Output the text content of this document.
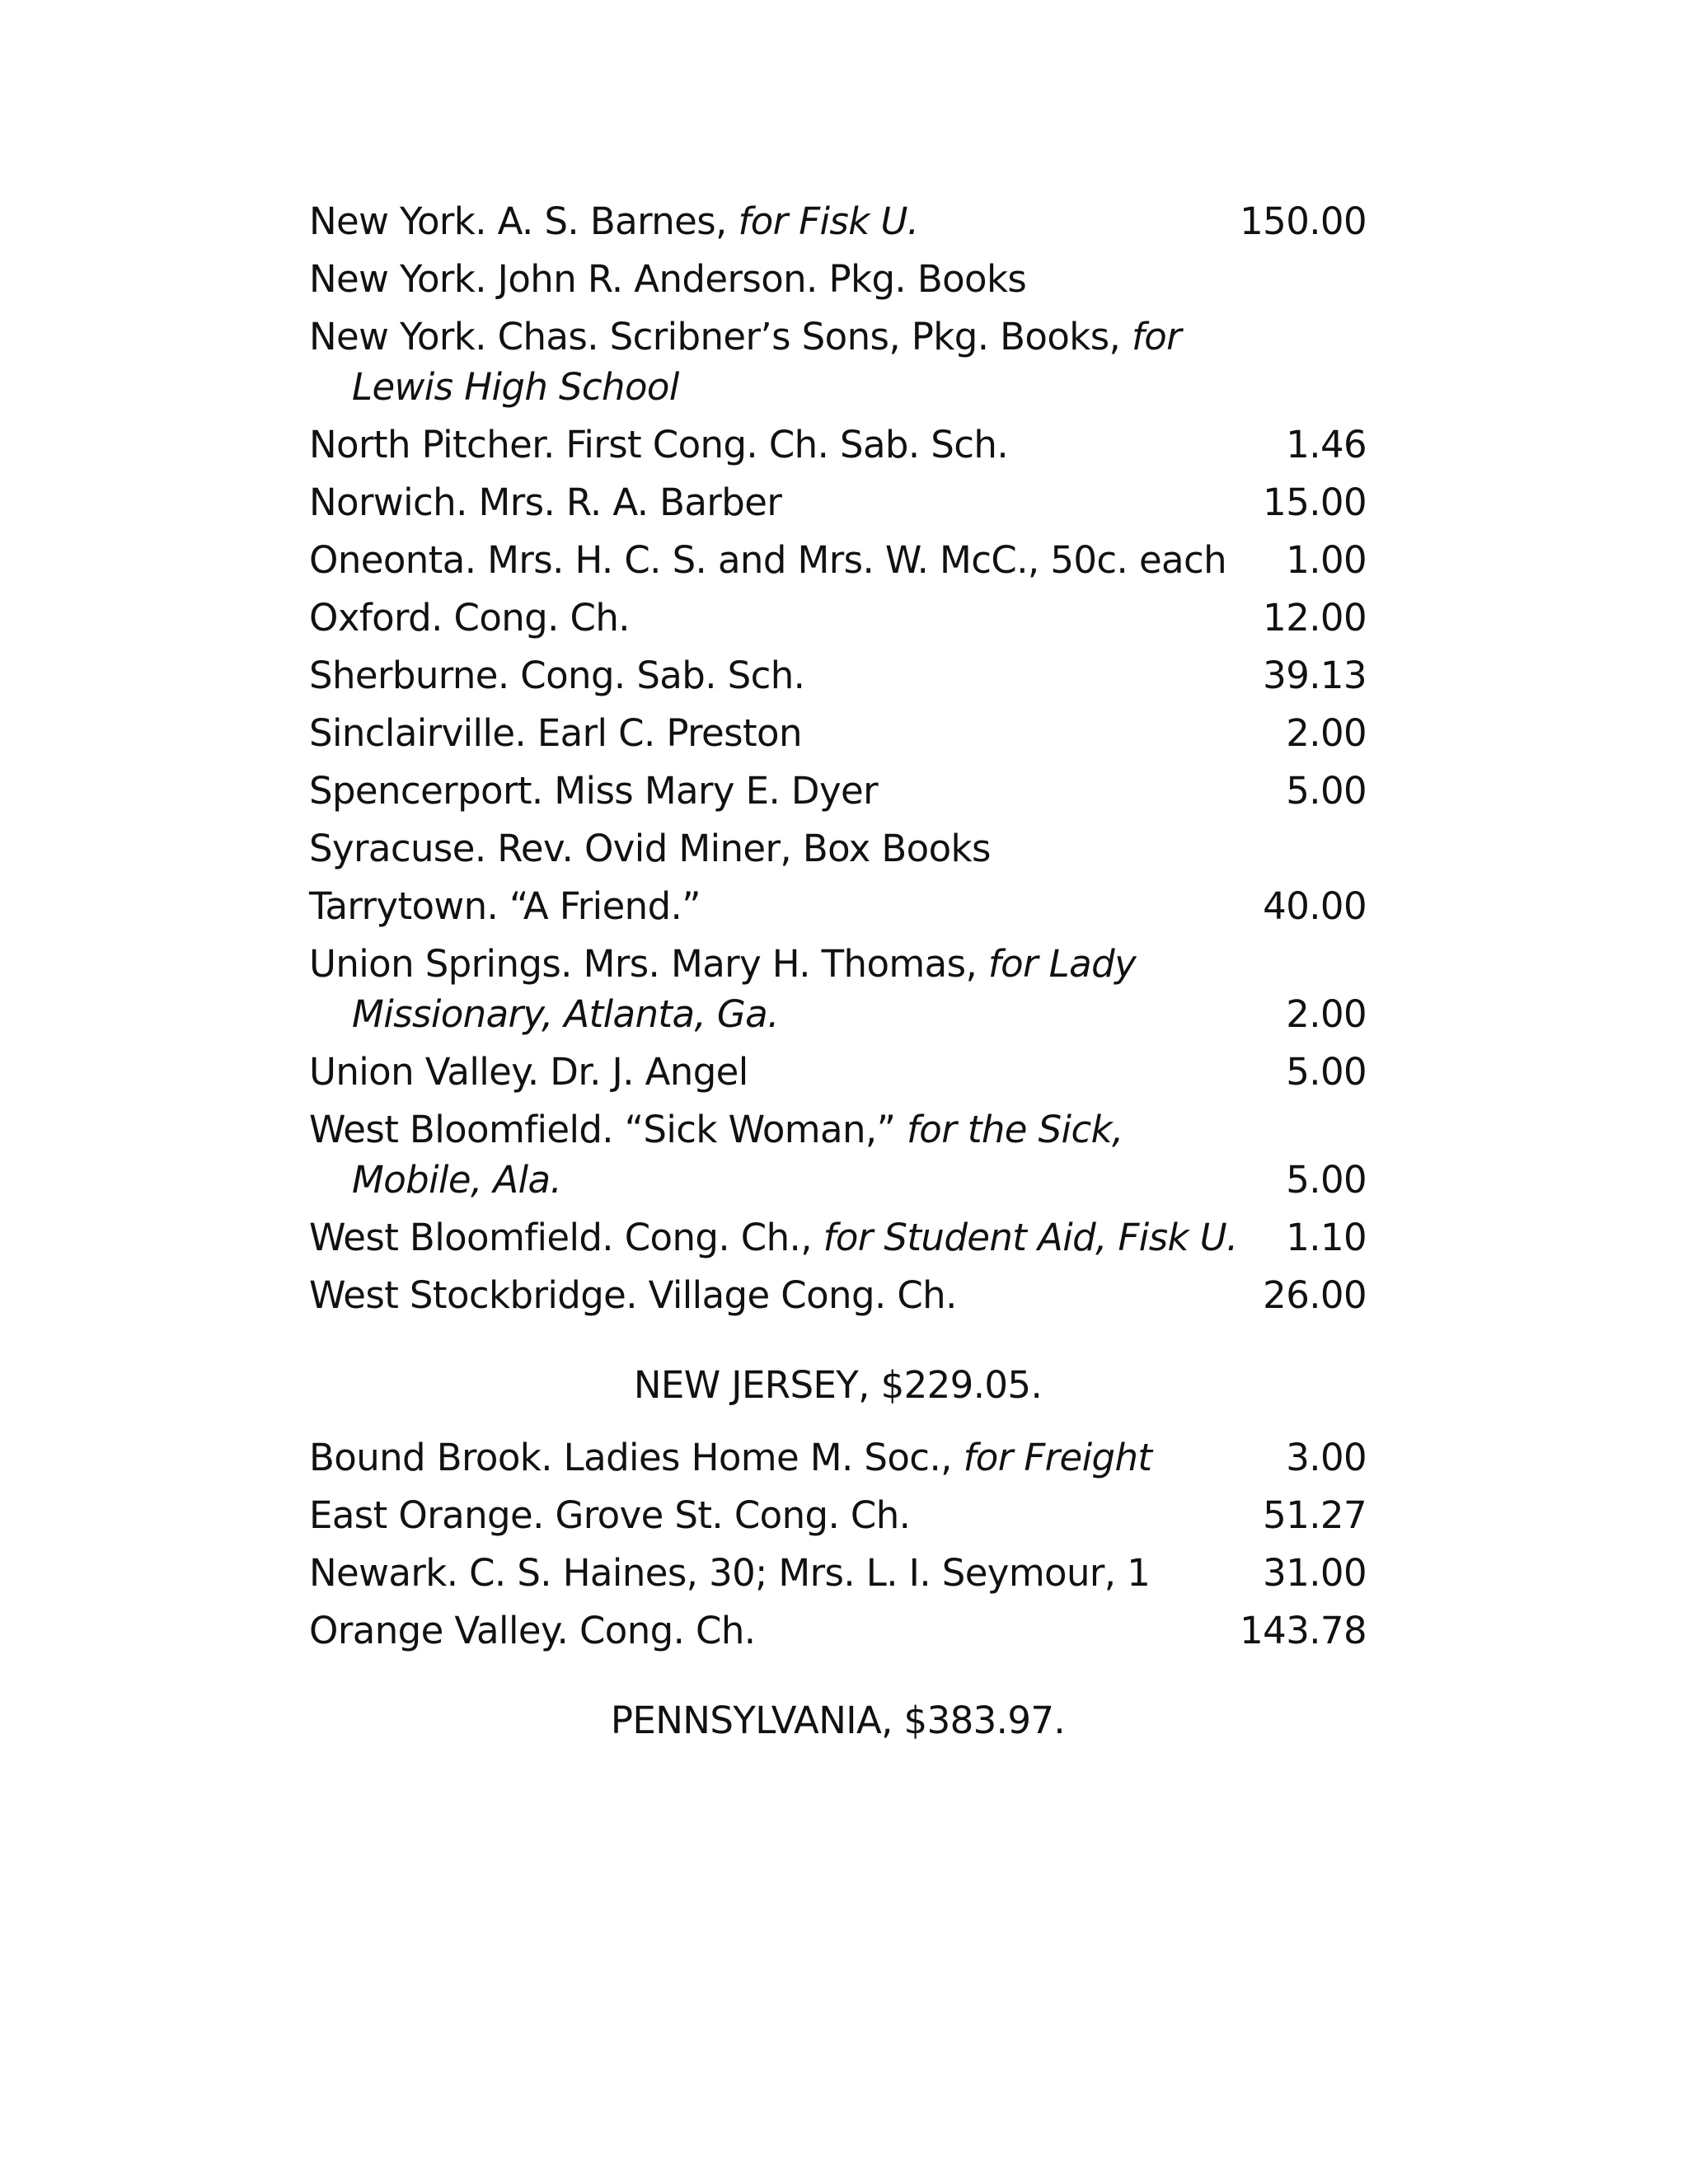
New York. A. S. Barnes, for Fisk U.	150.00
New York. John R. Anderson. Pkg. Books
New York. Chas. Scribner’s Sons, Pkg. Books, for Lewis High School
North Pitcher. First Cong. Ch. Sab. Sch.	1.46
Norwich. Mrs. R. A. Barber	15.00
Oneonta. Mrs. H. C. S. and Mrs. W. McC., 50c. each	1.00
Oxford. Cong. Ch.	12.00
Sherburne. Cong. Sab. Sch.	39.13
Sinclairville. Earl C. Preston	2.00
Spencerport. Miss Mary E. Dyer	5.00
Syracuse. Rev. Ovid Miner, Box Books
Tarrytown. “A Friend.”	40.00
Union Springs. Mrs. Mary H. Thomas, for Lady Missionary, Atlanta, Ga.	2.00
Union Valley. Dr. J. Angel	5.00
West Bloomfield. “Sick Woman,” for the Sick, Mobile, Ala.	5.00
West Bloomfield. Cong. Ch., for Student Aid, Fisk U.	1.10
West Stockbridge. Village Cong. Ch.	26.00
NEW JERSEY, $229.05.
Bound Brook. Ladies Home M. Soc., for Freight	3.00
East Orange. Grove St. Cong. Ch.	51.27
Newark. C. S. Haines, 30; Mrs. L. I. Seymour, 1	31.00
Orange Valley. Cong. Ch.	143.78
PENNSYLVANIA, $383.97.
